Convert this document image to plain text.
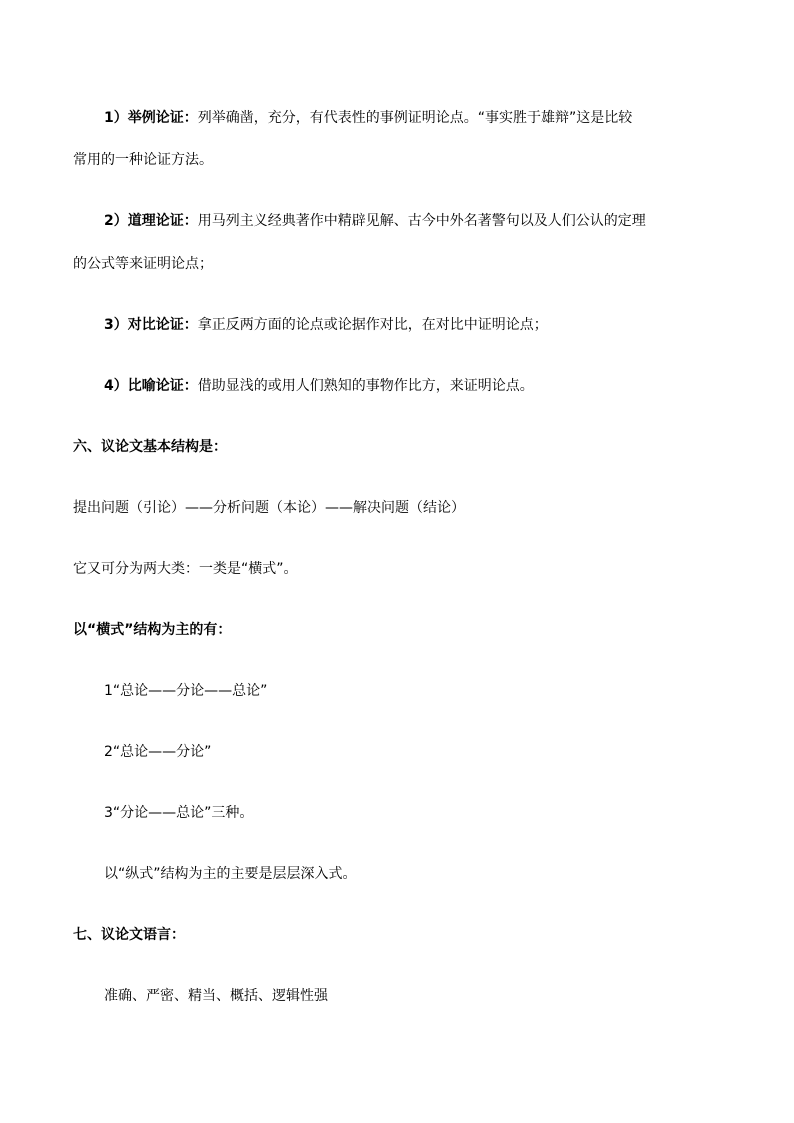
1）举例论证：列举确凿，充分，有代表性的事例证明论点。“事实胜于雄辩”这是比较
常用的一种论证方法。
2）道理论证：用马列主义经典著作中精辟见解、古今中外名著警句以及人们公认的定理
的公式等来证明论点；
3）对比论证：拿正反两方面的论点或论据作对比，在对比中证明论点；
4）比喻论证：借助显浅的或用人们熟知的事物作比方，来证明论点。
六、议论文基本结构是：
提出问题（引论）——分析问题（本论）——解决问题（结论）
它又可分为两大类：一类是“横式”。
以“横式”结构为主的有：
1“总论——分论——总论”
2“总论——分论”
3“分论——总论”三种。
以“纵式”结构为主的主要是层层深入式。
七、议论文语言：
准确、严密、精当、概括、逻辑性强
